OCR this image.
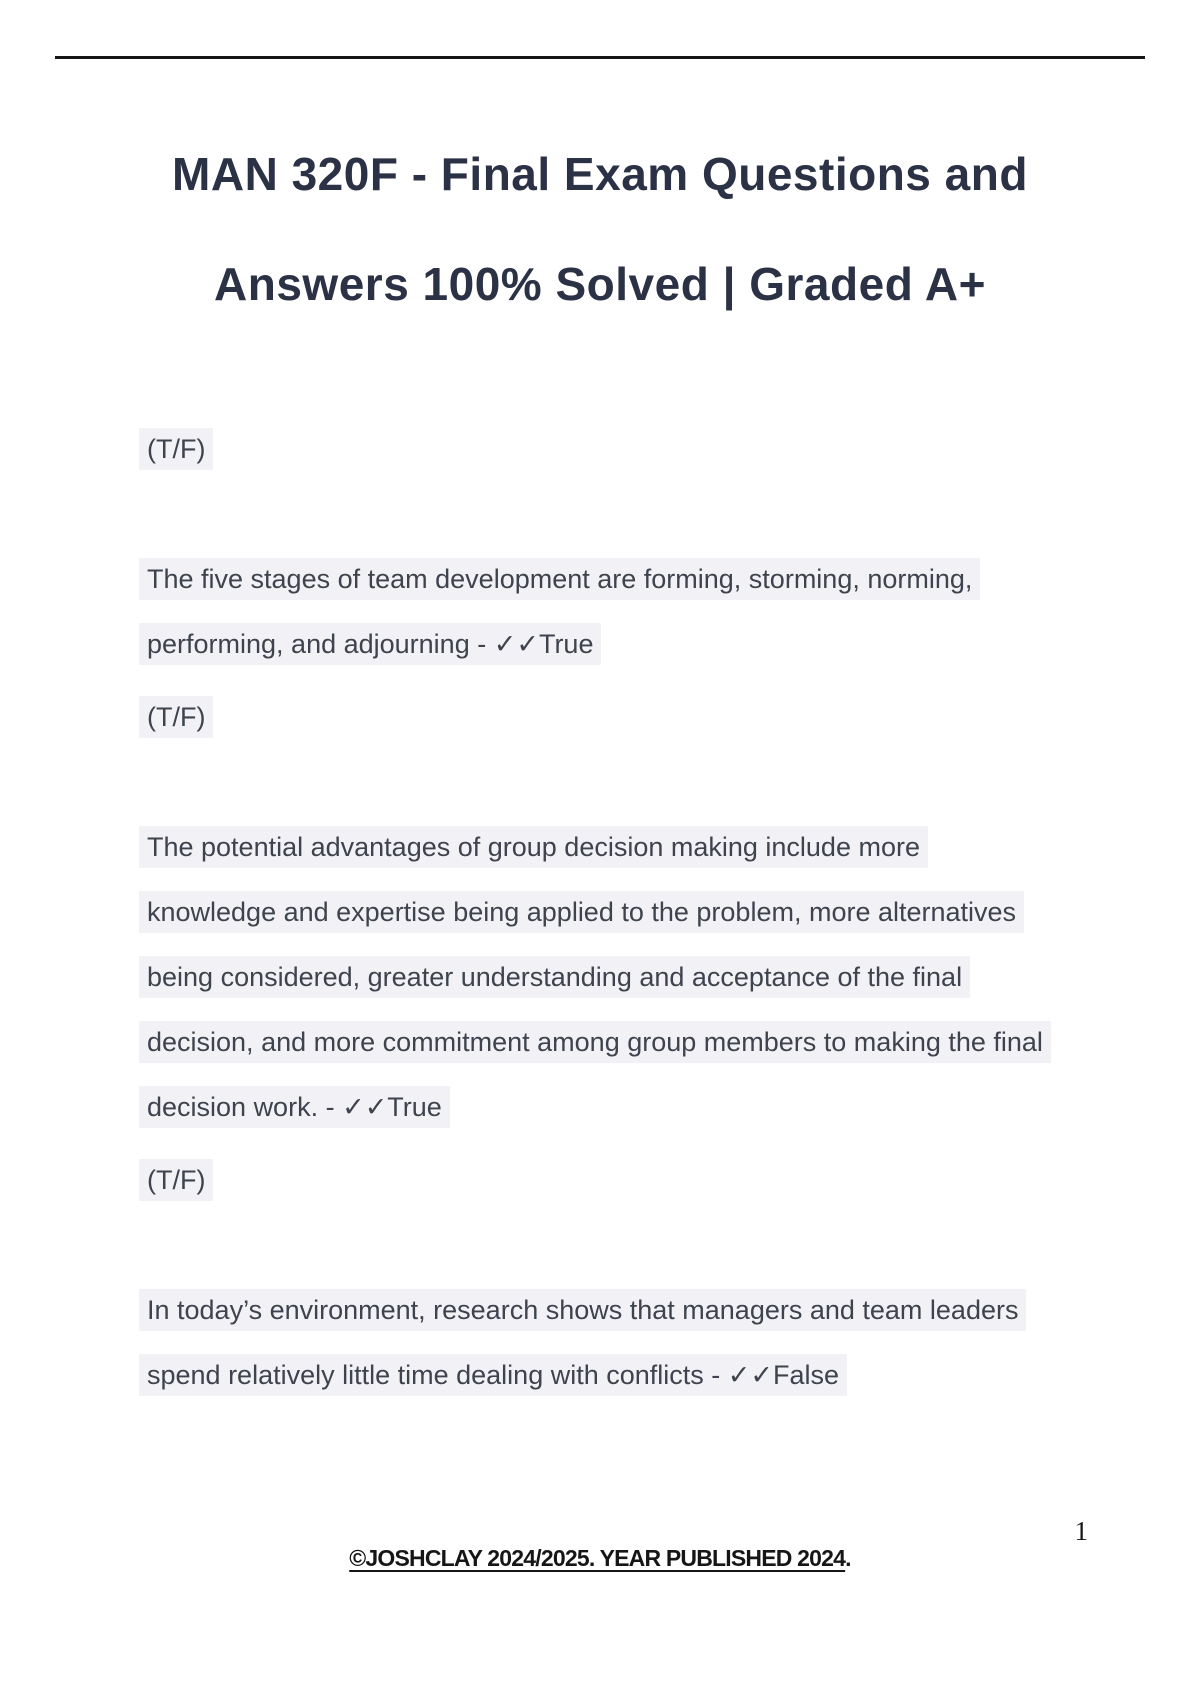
MAN 320F - Final Exam Questions and
Answers 100% Solved | Graded A+
(T/F)
The five stages of team development are forming, storming, norming,
performing, and adjourning - ✓✓True
(T/F)
The potential advantages of group decision making include more
knowledge and expertise being applied to the problem, more alternatives
being considered, greater understanding and acceptance of the final
decision, and more commitment among group members to making the final
decision work. - ✓✓True
(T/F)
In today’s environment, research shows that managers and team leaders
spend relatively little time dealing with conflicts - ✓✓False
1
©JOSHCLAY 2024/2025. YEAR PUBLISHED 2024.
